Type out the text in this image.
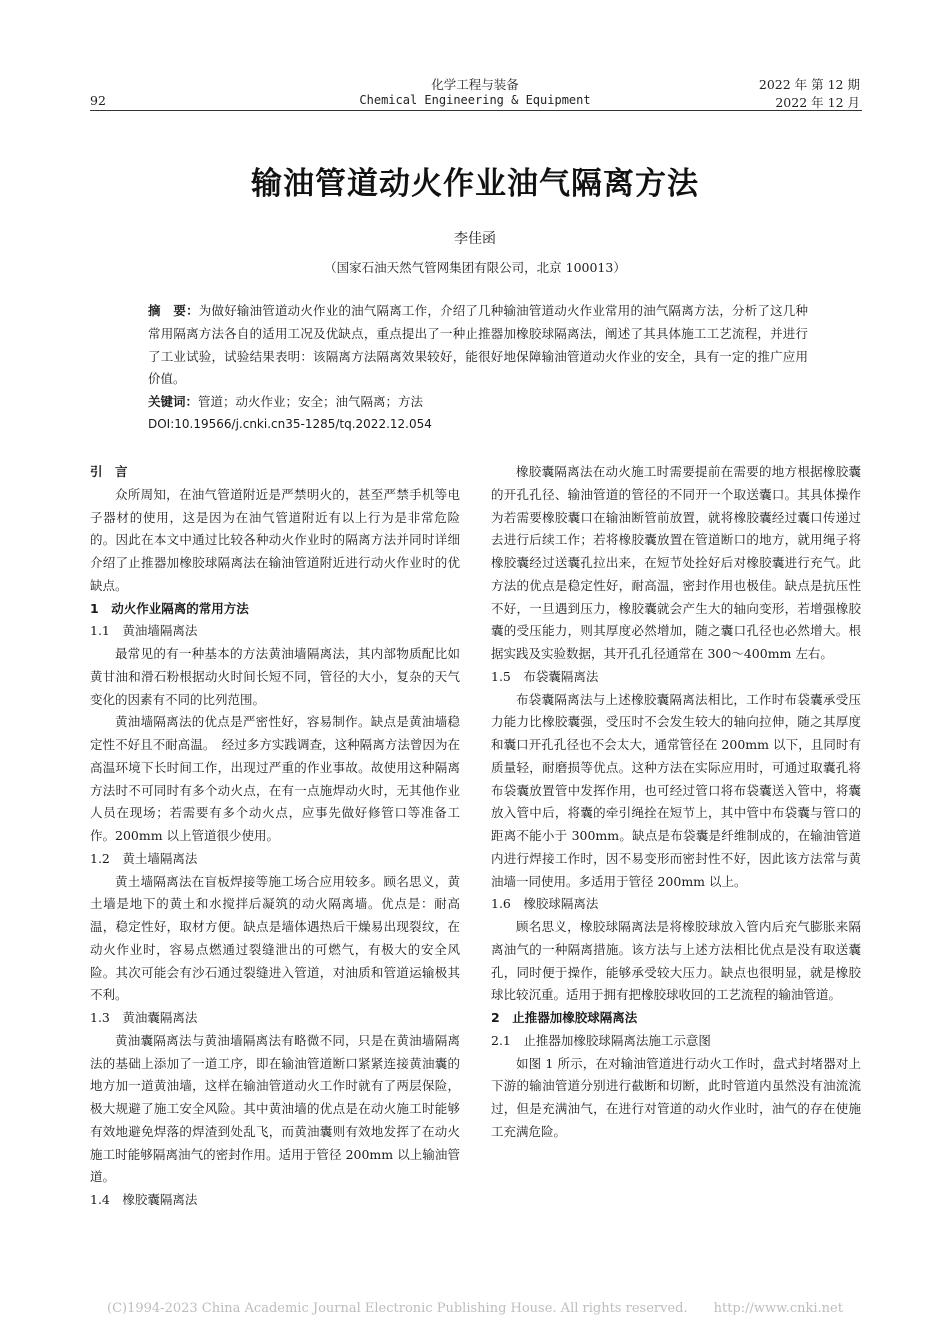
92
化学工程与装备
Chemical Engineering & Equipment
2022 年 第 12 期
2022 年 12 月
输油管道动火作业油气隔离方法
李佳函
（国家石油天然气管网集团有限公司，北京 100013）
摘　要：为做好输油管道动火作业的油气隔离工作，介绍了几种输油管道动火作业常用的油气隔离方法，分析了这几种常用隔离方法各自的适用工况及优缺点，重点提出了一种止推器加橡胶球隔离法，阐述了其具体施工工艺流程，并进行了工业试验，试验结果表明：该隔离方法隔离效果较好，能很好地保障输油管道动火作业的安全，具有一定的推广应用价值。
关键词：管道；动火作业；安全；油气隔离；方法
DOI:10.19566/j.cnki.cn35-1285/tq.2022.12.054
引　言

众所周知，在油气管道附近是严禁明火的，甚至严禁手机等电子器材的使用，这是因为在油气管道附近有以上行为是非常危险的。因此在本文中通过比较各种动火作业时的隔离方法并同时详细介绍了止推器加橡胶球隔离法在输油管道附近进行动火作业时的优缺点。

1　动火作业隔离的常用方法
1.1　黄油墙隔离法

最常见的有一种基本的方法黄油墙隔离法，其内部物质配比如黄甘油和滑石粉根据动火时间长短不同，管径的大小，复杂的天气变化的因素有不同的比列范围。

黄油墙隔离法的优点是严密性好，容易制作。缺点是黄油墙稳定性不好且不耐高温。　经过多方实践调查，这种隔离方法曾因为在高温环境下长时间工作，出现过严重的作业事故。故使用这种隔离方法时不可同时有多个动火点，在有一点施焊动火时，无其他作业人员在现场；若需要有多个动火点，应事先做好修管口等准备工作。200mm 以上管道很少使用。

1.2　黄土墙隔离法

黄土墙隔离法在盲板焊接等施工场合应用较多。顾名思义，黄土墙是地下的黄土和水搅拌后凝筑的动火隔离墙。优点是：耐高温，稳定性好，取材方便。缺点是墙体遇热后干燥易出现裂纹，在动火作业时，容易点燃通过裂缝泄出的可燃气，有极大的安全风险。其次可能会有沙石通过裂缝进入管道，对油质和管道运输极其不利。

1.3　黄油囊隔离法

黄油囊隔离法与黄油墙隔离法有略微不同，只是在黄油墙隔离法的基础上添加了一道工序，即在输油管道断口紧紧连接黄油囊的地方加一道黄油墙，这样在输油管道动火工作时就有了两层保险，极大规避了施工安全风险。其中黄油墙的优点是在动火施工时能够有效地避免焊落的焊渣到处乱飞，而黄油囊则有效地发挥了在动火施工时能够隔离油气的密封作用。适用于管径 200mm 以上输油管道。

1.4　橡胶囊隔离法

橡胶囊隔离法在动火施工时需要提前在需要的地方根据橡胶囊的开孔孔径、输油管道的管径的不同开一个取送囊口。其具体操作为若需要橡胶囊口在输油断管前放置，就将橡胶囊经过囊口传递过去进行后续工作；若将橡胶囊放置在管道断口的地方，就用绳子将橡胶囊经过送囊孔拉出来，在短节处拴好后对橡胶囊进行充气。此方法的优点是稳定性好，耐高温，密封作用也极佳。缺点是抗压性不好，一旦遇到压力，橡胶囊就会产生大的轴向变形，若增强橡胶囊的受压能力，则其厚度必然增加，随之囊口孔径也必然增大。根据实践及实验数据，其开孔孔径通常在 300～400mm 左右。

1.5　布袋囊隔离法

布袋囊隔离法与上述橡胶囊隔离法相比，工作时布袋囊承受压力能力比橡胶囊强，受压时不会发生较大的轴向拉伸，随之其厚度和囊口开孔孔径也不会太大，通常管径在 200mm 以下，且同时有质量轻，耐磨损等优点。这种方法在实际应用时，可通过取囊孔将布袋囊放置管中发挥作用，也可经过管口将布袋囊送入管中，将囊放入管中后，将囊的牵引绳拴在短节上，其中管中布袋囊与管口的距离不能小于 300mm。缺点是布袋囊是纤维制成的，在输油管道内进行焊接工作时，因不易变形而密封性不好，因此该方法常与黄油墙一同使用。多适用于管径 200mm 以上。

1.6　橡胶球隔离法

顾名思义，橡胶球隔离法是将橡胶球放入管内后充气膨胀来隔离油气的一种隔离措施。该方法与上述方法相比优点是没有取送囊孔，同时便于操作，能够承受较大压力。缺点也很明显，就是橡胶球比较沉重。适用于拥有把橡胶球收回的工艺流程的输油管道。

2　止推器加橡胶球隔离法
2.1　止推器加橡胶球隔离法施工示意图

如图 1 所示，在对输油管道进行动火工作时，盘式封堵器对上下游的输油管道分别进行截断和切断，此时管道内虽然没有油流流过，但是充满油气，在进行对管道的动火作业时，油气的存在使施工充满危险。

(C)1994-2023 China Academic Journal Electronic Publishing House. All rights reserved.　　http://www.cnki.net
